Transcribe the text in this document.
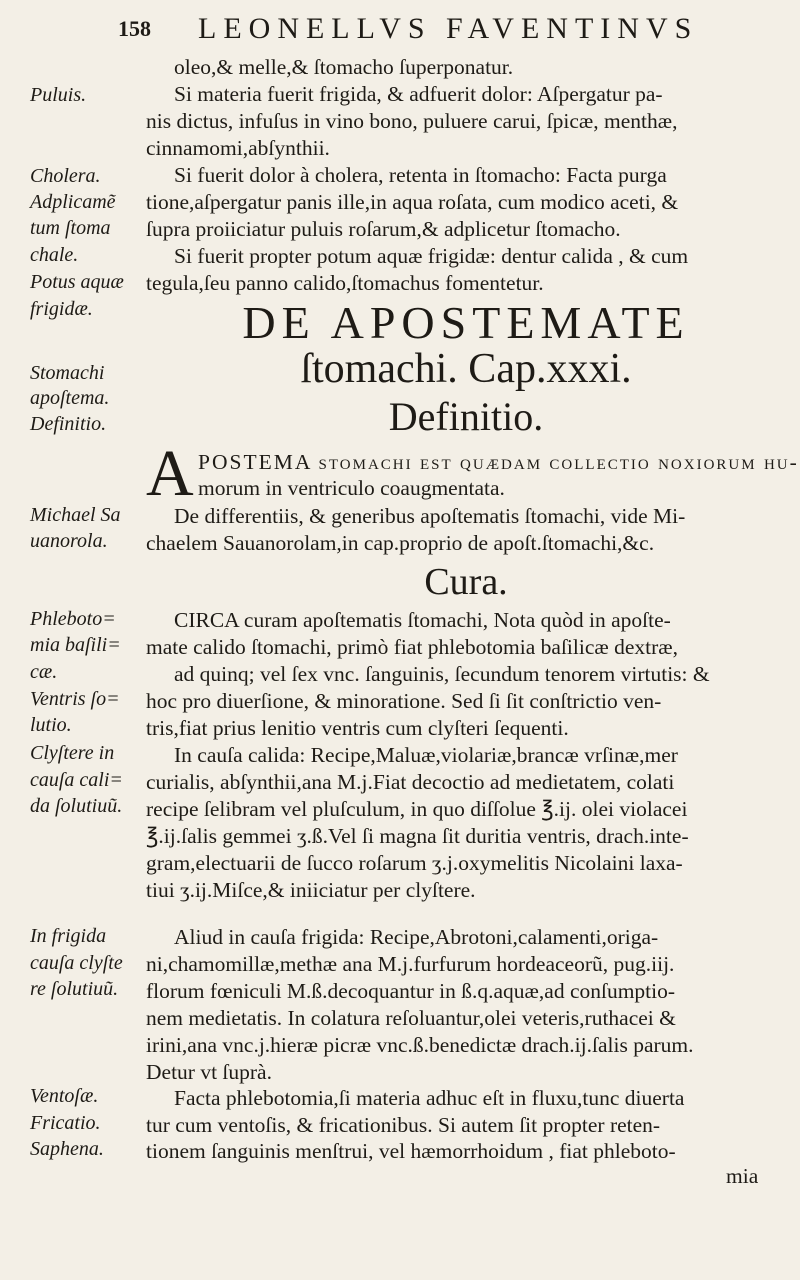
158 LEONELLVS FAVENTINVS
Puluis.
Cholera.
Adplicamẽ
tum ſtoma
chale.
Potus aquæ
frigidæ.
Stomachi
apoſtema.
Definitio.
Michael Sa
uanorola.
Phleboto=
mia baſili=
cæ.
Ventris ſo=
lutio.
Clyſtere in
cauſa cali=
da ſolutiuũ.
In frigida
cauſa clyſte
re ſolutiuũ.
Ventoſæ.
Fricatio.
Saphena.
oleo,& melle,& ſtomacho ſuperponatur.
Si materia fuerit frigida, & adfuerit dolor: Aſpergatur pa-
nis dictus, infuſus in vino bono, puluere carui, ſpicæ, menthæ,
cinnamomi,abſynthii.
Si fuerit dolor à cholera, retenta in ſtomacho: Facta purga
tione,aſpergatur panis ille,in aqua roſata, cum modico aceti, &
ſupra proiiciatur puluis roſarum,& adplicetur ſtomacho.
Si fuerit propter potum aquæ frigidæ: dentur calida , & cum
tegula,ſeu panno calido,ſtomachus fomentetur.
DE APOSTEMATE
ſtomachi. Cap.xxxi.
Definitio.
A POSTEMA ſtomachi eſt quædam collectio noxiorum hu-
morum in ventriculo coaugmentata.
De differentiis, & generibus apoſtematis ſtomachi, vide Mi-
chaelem Sauanorolam,in cap.proprio de apoſt.ſtomachi,&c.
Cura.
CIRCA curam apoſtematis ſtomachi, Nota quòd in apoſte-
mate calido ſtomachi, primò fiat phlebotomia baſilicæ dextræ,
ad quinq; vel ſex vnc. ſanguinis, ſecundum tenorem virtutis: &
hoc pro diuerſione, & minoratione. Sed ſi ſit conſtrictio ven-
tris,fiat prius lenitio ventris cum clyſteri ſequenti.
In cauſa calida: Recipe,Maluæ,violariæ,brancæ vrſinæ,mer
curialis, abſynthii,ana M.j.Fiat decoctio ad medietatem, colati
recipe ſelibram vel pluſculum, in quo diſſolue ℥.ij. olei violacei
℥.ij.ſalis gemmei ʒ.ß.Vel ſi magna ſit duritia ventris, drach.inte-
gram,electuarii de ſucco roſarum ʒ.j.oxymelitis Nicolaini laxa-
tiui ʒ.ij.Miſce,& iniiciatur per clyſtere.
Aliud in cauſa frigida: Recipe,Abrotoni,calamenti,origa-
ni,chamomillæ,methæ ana M.j.furfurum hordeaceorũ, pug.iij.
florum fœniculi M.ß.decoquantur in ß.q.aquæ,ad conſumptio-
nem medietatis. In colatura reſoluantur,olei veteris,ruthacei &
irini,ana vnc.j.hieræ picræ vnc.ß.benedictæ drach.ij.ſalis parum.
Detur vt ſuprà.
Facta phlebotomia,ſi materia adhuc eſt in fluxu,tunc diuerta
tur cum ventoſis, & fricationibus. Si autem ſit propter reten-
tionem ſanguinis menſtrui, vel hæmorrhoidum , fiat phleboto-
mia
